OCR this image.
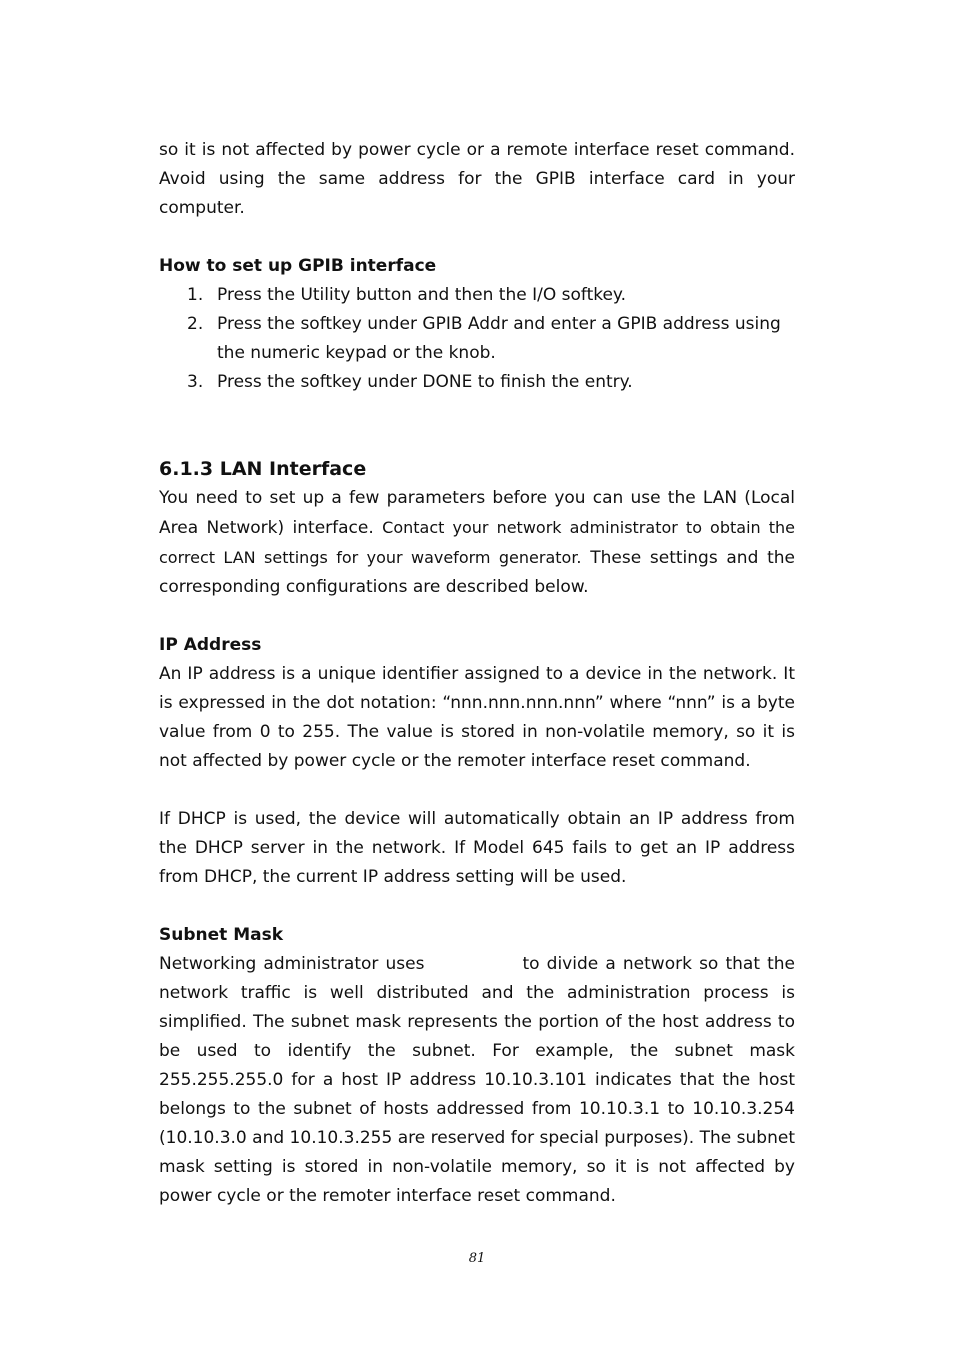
so it is not affected by power cycle or a remote interface reset command. Avoid using the same address for the GPIB interface card in your computer.

How to set up GPIB interface
1. Press the Utility button and then the I/O softkey.
2. Press the softkey under GPIB Addr and enter a GPIB address using the numeric keypad or the knob.
3. Press the softkey under DONE to finish the entry.
6.1.3 LAN Interface

You need to set up a few parameters before you can use the LAN (Local Area Network) interface. Contact your network administrator to obtain the correct LAN settings for your waveform generator. These settings and the corresponding configurations are described below.

IP Address

An IP address is a unique identifier assigned to a device in the network. It is expressed in the dot notation: “nnn.nnn.nnn.nnn” where “nnn” is a byte value from 0 to 255. The value is stored in non-volatile memory, so it is not affected by power cycle or the remoter interface reset command.

If DHCP is used, the device will automatically obtain an IP address from the DHCP server in the network. If Model 645 fails to get an IP address from DHCP, the current IP address setting will be used.

Subnet Mask

Networking administrator uses	to divide a network so that the network traffic is well distributed and the administration process is simplified. The subnet mask represents the portion of the host address to be used to identify the subnet. For example, the subnet mask 255.255.255.0 for a host IP address 10.10.3.101 indicates that the host belongs to the subnet of hosts addressed from 10.10.3.1 to 10.10.3.254 (10.10.3.0 and 10.10.3.255 are reserved for special purposes). The subnet mask setting is stored in non-volatile memory, so it is not affected by power cycle or the remoter interface reset command.

81
